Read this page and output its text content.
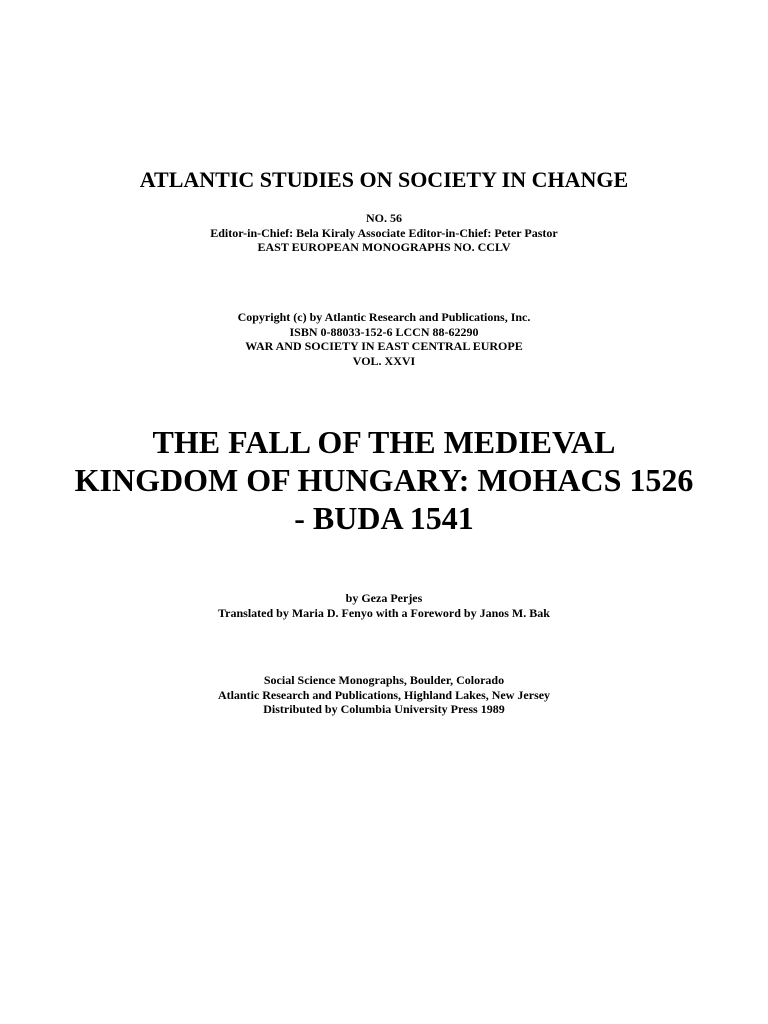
ATLANTIC STUDIES ON SOCIETY IN CHANGE
NO. 56
Editor-in-Chief: Bela Kiraly Associate Editor-in-Chief: Peter Pastor
EAST EUROPEAN MONOGRAPHS NO. CCLV
Copyright (c) by Atlantic Research and Publications, Inc.
ISBN 0-88033-152-6 LCCN 88-62290
WAR AND SOCIETY IN EAST CENTRAL EUROPE
VOL. XXVI
THE FALL OF THE MEDIEVAL
KINGDOM OF HUNGARY: MOHACS 1526
- BUDA 1541
by Geza Perjes
Translated by Maria D. Fenyo with a Foreword by Janos M. Bak
Social Science Monographs, Boulder, Colorado
Atlantic Research and Publications, Highland Lakes, New Jersey
Distributed by Columbia University Press 1989
